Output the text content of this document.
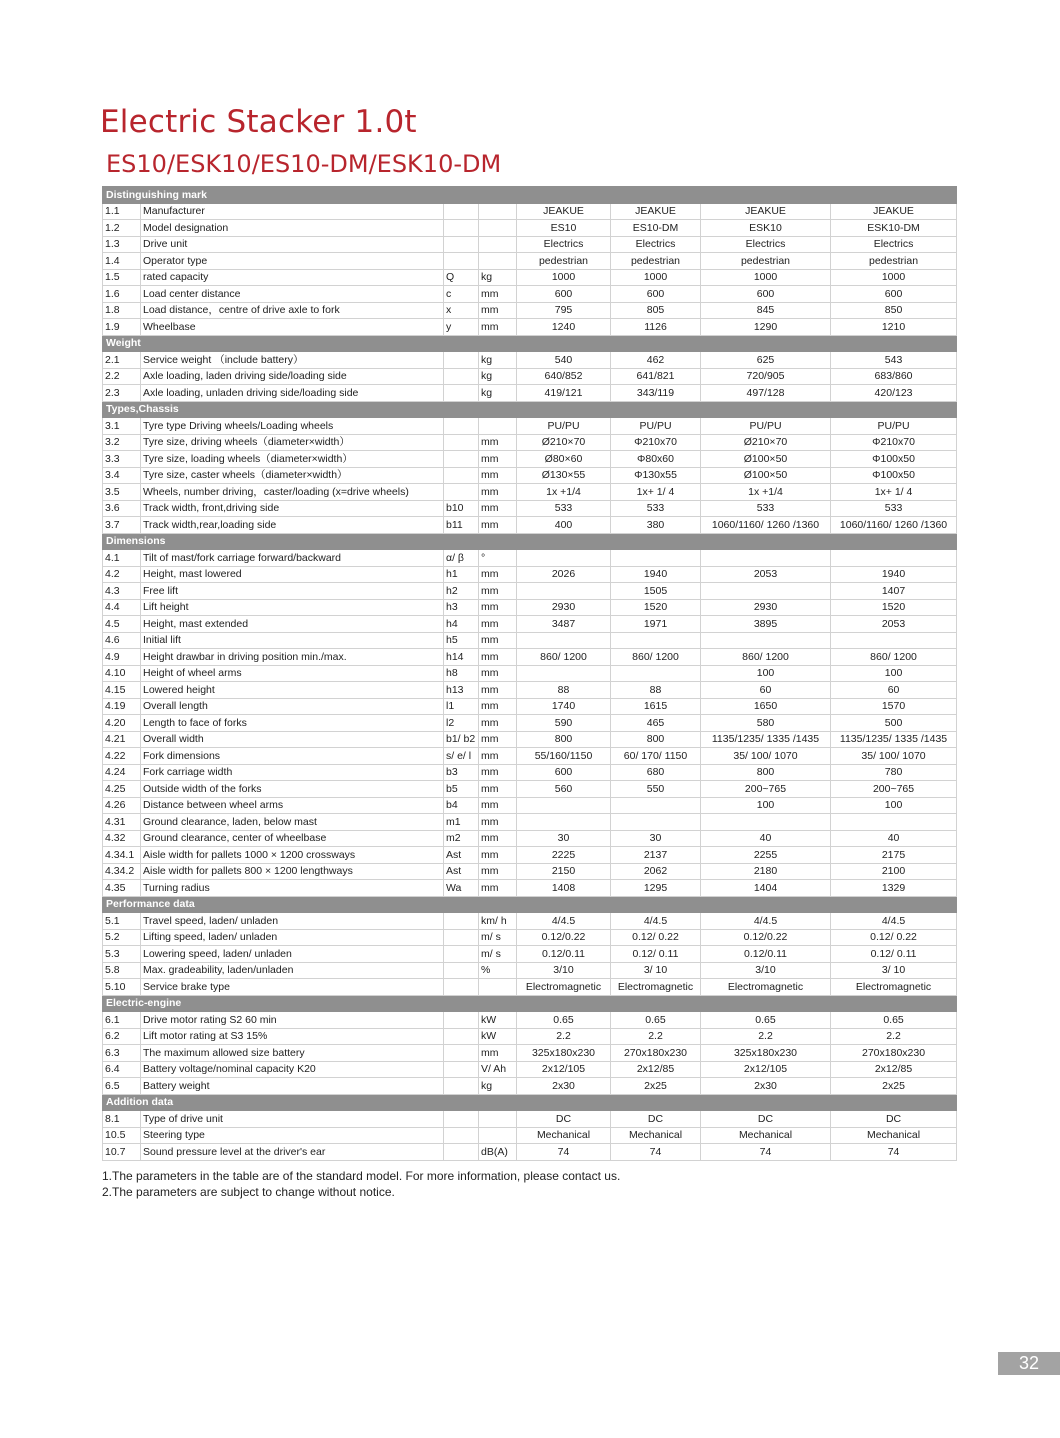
Electric Stacker 1.0t
ES10/ESK10/ES10-DM/ESK10-DM
Distinguishing mark							
1.1	Manufacturer			JEAKUE	JEAKUE	JEAKUE	JEAKUE
1.2	Model designation			ES10	ES10-DM	ESK10	ESK10-DM
1.3	Drive unit			Electrics	Electrics	Electrics	Electrics
1.4	Operator type			pedestrian	pedestrian	pedestrian	pedestrian
1.5	rated capacity	Q	kg	1000	1000	1000	1000
1.6	Load center distance	c	mm	600	600	600	600
1.8	Load distance，centre of drive axle to fork	x	mm	795	805	845	850
1.9	Wheelbase	y	mm	1240	1126	1290	1210
Weight							
2.1	Service weight （include battery）		kg	540	462	625	543
2.2	Axle loading, laden driving side/loading side		kg	640/852	641/821	720/905	683/860
2.3	Axle loading, unladen driving side/loading side		kg	419/121	343/119	497/128	420/123
Types,Chassis							
3.1	Tyre type Driving wheels/Loading wheels			PU/PU	PU/PU	PU/PU	PU/PU
3.2	Tyre size, driving wheels（diameter×width）		mm	Ø210×70	Φ210x70	Ø210×70	Φ210x70
3.3	Tyre size, loading wheels（diameter×width）		mm	Ø80×60	Φ80x60	Ø100×50	Φ100x50
3.4	Tyre size, caster wheels（diameter×width）		mm	Ø130×55	Φ130x55	Ø100×50	Φ100x50
3.5	Wheels, number driving，caster/loading (x=drive wheels)		mm	1x +1/4	1x+ 1/ 4	1x +1/4	1x+ 1/ 4
3.6	Track width, front,driving side	b10	mm	533	533	533	533
3.7	Track width,rear,loading side	b11	mm	400	380	1060/1160/ 1260 /1360	1060/1160/ 1260 /1360
Dimensions							
4.1	Tilt of mast/fork carriage forward/backward	α/ β	°				
4.2	Height, mast lowered	h1	mm	2026	1940	2053	1940
4.3	Free lift	h2	mm		1505		1407
4.4	Lift height	h3	mm	2930	1520	2930	1520
4.5	Height, mast extended	h4	mm	3487	1971	3895	2053
4.6	Initial lift	h5	mm				
4.9	Height drawbar in driving position min./max.	h14	mm	860/ 1200	860/ 1200	860/ 1200	860/ 1200
4.10	Height of wheel arms	h8	mm			100	100
4.15	Lowered height	h13	mm	88	88	60	60
4.19	Overall length	l1	mm	1740	1615	1650	1570
4.20	Length to face of forks	l2	mm	590	465	580	500
4.21	Overall width	b1/ b2	mm	800	800	1135/1235/ 1335 /1435	1135/1235/ 1335 /1435
4.22	Fork dimensions	s/ e/ l	mm	55/160/1150	60/ 170/ 1150	35/ 100/ 1070	35/ 100/ 1070
4.24	Fork carriage width	b3	mm	600	680	800	780
4.25	Outside width of the forks	b5	mm	560	550	200~765	200~765
4.26	Distance between wheel arms	b4	mm			100	100
4.31	Ground clearance, laden, below mast	m1	mm				
4.32	Ground clearance, center of wheelbase	m2	mm	30	30	40	40
4.34.1	Aisle width for pallets 1000 × 1200 crossways	Ast	mm	2225	2137	2255	2175
4.34.2	Aisle width for pallets 800 × 1200 lengthways	Ast	mm	2150	2062	2180	2100
4.35	Turning radius	Wa	mm	1408	1295	1404	1329
Performance data							
5.1	Travel speed, laden/ unladen		km/ h	4/4.5	4/4.5	4/4.5	4/4.5
5.2	Lifting speed, laden/ unladen		m/ s	0.12/0.22	0.12/ 0.22	0.12/0.22	0.12/ 0.22
5.3	Lowering speed, laden/ unladen		m/ s	0.12/0.11	0.12/ 0.11	0.12/0.11	0.12/ 0.11
5.8	Max. gradeability, laden/unladen		%	3/10	3/ 10	3/10	3/ 10
5.10	Service brake type			Electromagnetic	Electromagnetic	Electromagnetic	Electromagnetic
Electric-engine							
6.1	Drive motor rating S2 60 min		kW	0.65	0.65	0.65	0.65
6.2	Lift motor rating at S3 15%		kW	2.2	2.2	2.2	2.2
6.3	The maximum allowed size battery		mm	325x180x230	270x180x230	325x180x230	270x180x230
6.4	Battery voltage/nominal capacity K20		V/ Ah	2x12/105	2x12/85	2x12/105	2x12/85
6.5	Battery weight		kg	2x30	2x25	2x30	2x25
Addition data							
8.1	Type of drive unit			DC	DC	DC	DC
10.5	Steering type			Mechanical	Mechanical	Mechanical	Mechanical
10.7	Sound pressure level at the driver's ear		dB(A)	74	74	74	74
1.The parameters in the table are of the standard model. For more information, please contact us.
2.The parameters are subject to change without notice.
32
